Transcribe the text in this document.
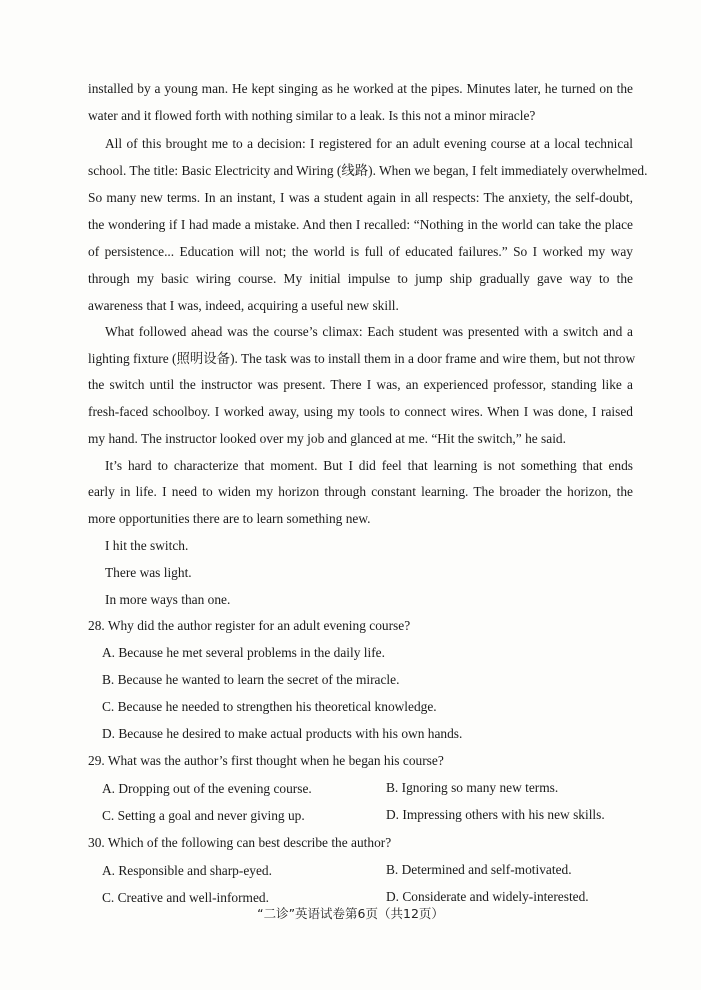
installed by a young man. He kept singing as he worked at the pipes. Minutes later, he turned on the
water and it flowed forth with nothing similar to a leak. Is this not a minor miracle?
All of this brought me to a decision: I registered for an adult evening course at a local technical
school. The title: Basic Electricity and Wiring (线路). When we began, I felt immediately overwhelmed.
So many new terms. In an instant, I was a student again in all respects: The anxiety, the self-doubt,
the wondering if I had made a mistake. And then I recalled: “Nothing in the world can take the place
of persistence... Education will not; the world is full of educated failures.” So I worked my way
through my basic wiring course. My initial impulse to jump ship gradually gave way to the
awareness that I was, indeed, acquiring a useful new skill.
What followed ahead was the course’s climax: Each student was presented with a switch and a
lighting fixture (照明设备). The task was to install them in a door frame and wire them, but not throw
the switch until the instructor was present. There I was, an experienced professor, standing like a
fresh-faced schoolboy. I worked away, using my tools to connect wires. When I was done, I raised
my hand. The instructor looked over my job and glanced at me. “Hit the switch,” he said.
It’s hard to characterize that moment. But I did feel that learning is not something that ends
early in life. I need to widen my horizon through constant learning. The broader the horizon, the
more opportunities there are to learn something new.
I hit the switch.
There was light.
In more ways than one.
28. Why did the author register for an adult evening course?
A. Because he met several problems in the daily life.
B. Because he wanted to learn the secret of the miracle.
C. Because he needed to strengthen his theoretical knowledge.
D. Because he desired to make actual products with his own hands.
29. What was the author’s first thought when he began his course?
A. Dropping out of the evening course.	B. Ignoring so many new terms.
C. Setting a goal and never giving up.	D. Impressing others with his new skills.
30. Which of the following can best describe the author?
A. Responsible and sharp-eyed.	B. Determined and self-motivated.
C. Creative and well-informed.	D. Considerate and widely-interested.
“二诊”英语试卷第6页（共12页）
